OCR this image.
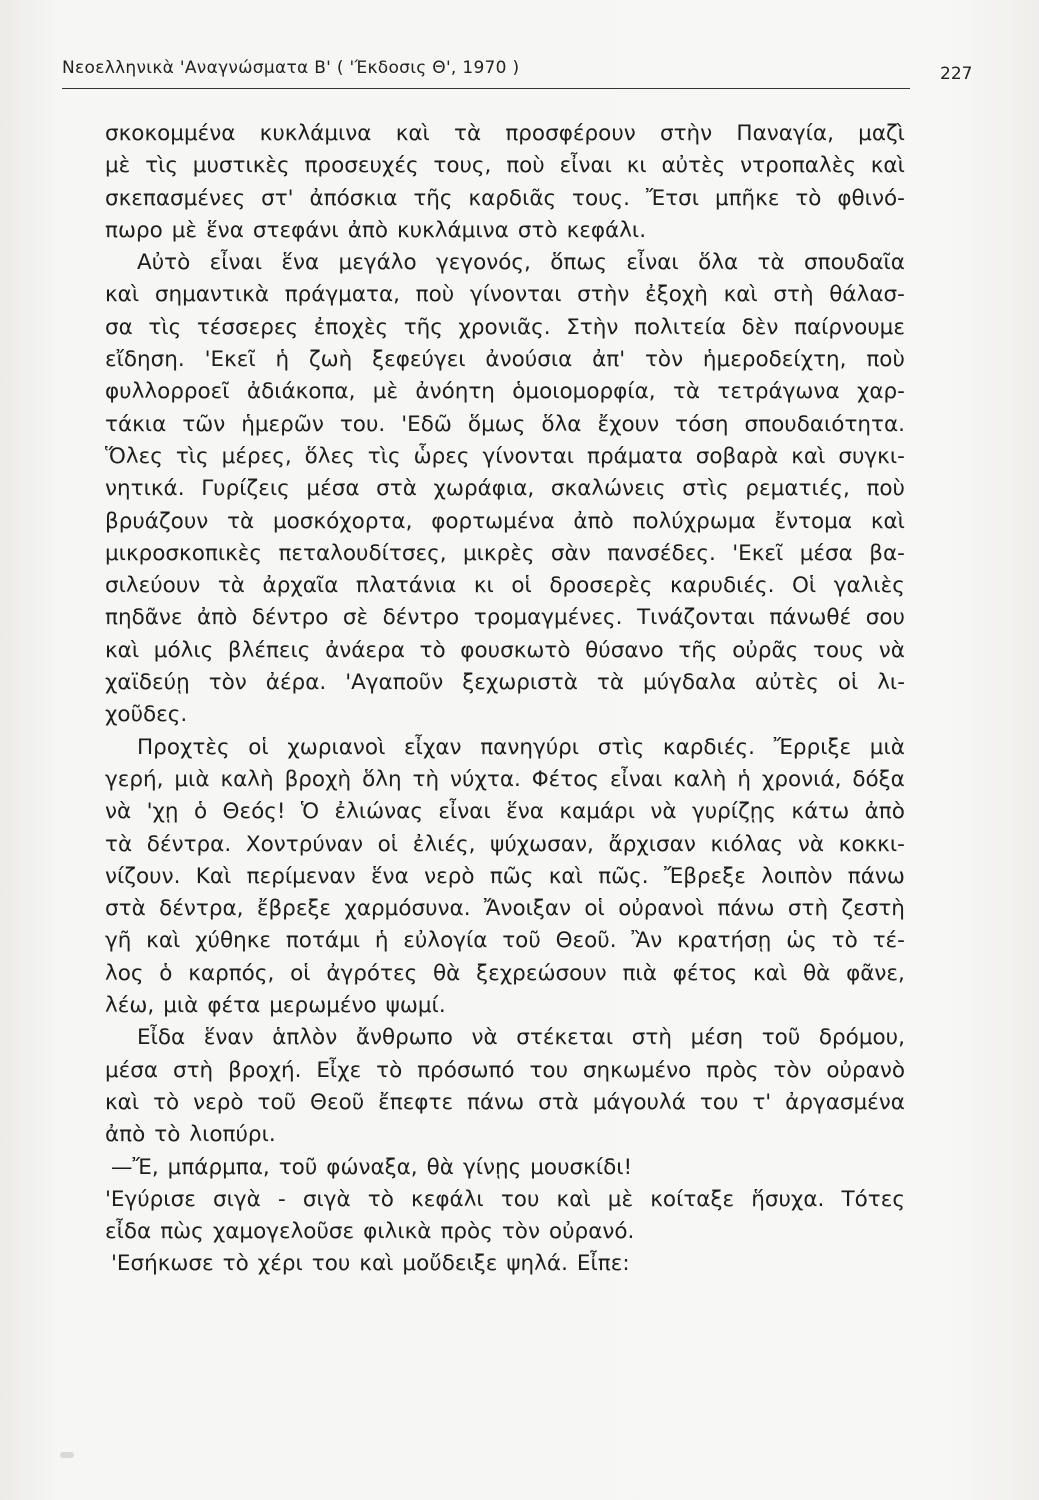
Νεοελληνικὰ 'Αναγνώσματα Β' ( 'Έκδοσις Θ', 1970 )	227
σκοκομμένα κυκλάμινα καὶ τὰ προσφέρουν στὴν Παναγία, μαζὶ
μὲ τὶς μυστικὲς προσευχές τους, ποὺ εἶναι κι αὐτὲς ντροπαλὲς καὶ
σκεπασμένες στ' ἀπόσκια τῆς καρδιᾶς τους. Ἔτσι μπῆκε τὸ φθινό-
πωρο μὲ ἕνα στεφάνι ἀπὸ κυκλάμινα στὸ κεφάλι.
Αὐτὸ εἶναι ἕνα μεγάλο γεγονός, ὅπως εἶναι ὅλα τὰ σπουδαῖα
καὶ σημαντικὰ πράγματα, ποὺ γίνονται στὴν ἐξοχὴ καὶ στὴ θάλασ-
σα τὶς τέσσερες ἐποχὲς τῆς χρονιᾶς. Στὴν πολιτεία δὲν παίρνουμε
εἴδηση. 'Εκεῖ ἡ ζωὴ ξεφεύγει ἀνούσια ἀπ' τὸν ἡμεροδείχτη, ποὺ
φυλλορροεῖ ἀδιάκοπα, μὲ ἀνόητη ὁμοιομορφία, τὰ τετράγωνα χαρ-
τάκια τῶν ἡμερῶν του. 'Εδῶ ὅμως ὅλα ἔχουν τόση σπουδαιότητα.
Ὅλες τὶς μέρες, ὅλες τὶς ὧρες γίνονται πράματα σοβαρὰ καὶ συγκι-
νητικά. Γυρίζεις μέσα στὰ χωράφια, σκαλώνεις στὶς ρεματιές, ποὺ
βρυάζουν τὰ μοσκόχορτα, φορτωμένα ἀπὸ πολύχρωμα ἔντομα καὶ
μικροσκοπικὲς πεταλουδίτσες, μικρὲς σὰν πανσέδες. 'Εκεῖ μέσα βα-
σιλεύουν τὰ ἀρχαῖα πλατάνια κι οἱ δροσερὲς καρυδιές. Οἱ γαλιὲς
πηδᾶνε ἀπὸ δέντρο σὲ δέντρο τρομαγμένες. Τινάζονται πάνωθέ σου
καὶ μόλις βλέπεις ἀνάερα τὸ φουσκωτὸ θύσανο τῆς οὐρᾶς τους νὰ
χαϊδεύῃ τὸν ἀέρα. 'Αγαποῦν ξεχωριστὰ τὰ μύγδαλα αὐτὲς οἱ λι-
χοῦδες.
Προχτὲς οἱ χωριανοὶ εἶχαν πανηγύρι στὶς καρδιές. Ἔρριξε μιὰ
γερή, μιὰ καλὴ βροχὴ ὅλη τὴ νύχτα. Φέτος εἶναι καλὴ ἡ χρονιά, δόξα
νὰ 'χῃ ὁ Θεός! Ὁ ἐλιώνας εἶναι ἕνα καμάρι νὰ γυρίζῃς κάτω ἀπὸ
τὰ δέντρα. Χοντρύναν οἱ ἐλιές, ψύχωσαν, ἄρχισαν κιόλας νὰ κοκκι-
νίζουν. Καὶ περίμεναν ἕνα νερὸ πῶς καὶ πῶς. Ἔβρεξε λοιπὸν πάνω
στὰ δέντρα, ἔβρεξε χαρμόσυνα. Ἄνοιξαν οἱ οὐρανοὶ πάνω στὴ ζεστὴ
γῆ καὶ χύθηκε ποτάμι ἡ εὐλογία τοῦ Θεοῦ. Ἂν κρατήσῃ ὡς τὸ τέ-
λος ὁ καρπός, οἱ ἀγρότες θὰ ξεχρεώσουν πιὰ φέτος καὶ θὰ φᾶνε,
λέω, μιὰ φέτα μερωμένο ψωμί.
Εἶδα ἕναν ἁπλὸν ἄνθρωπο νὰ στέκεται στὴ μέση τοῦ δρόμου,
μέσα στὴ βροχή. Εἶχε τὸ πρόσωπό του σηκωμένο πρὸς τὸν οὐρανὸ
καὶ τὸ νερὸ τοῦ Θεοῦ ἔπεφτε πάνω στὰ μάγουλά του τ' ἀργασμένα
ἀπὸ τὸ λιοπύρι.
—Ἔ, μπάρμπα, τοῦ φώναξα, θὰ γίνῃς μουσκίδι!
'Εγύρισε σιγὰ - σιγὰ τὸ κεφάλι του καὶ μὲ κοίταξε ἥσυχα. Τότες
εἶδα πὼς χαμογελοῦσε φιλικὰ πρὸς τὸν οὐρανό.
'Εσήκωσε τὸ χέρι του καὶ μοὔδειξε ψηλά. Εἶπε:
